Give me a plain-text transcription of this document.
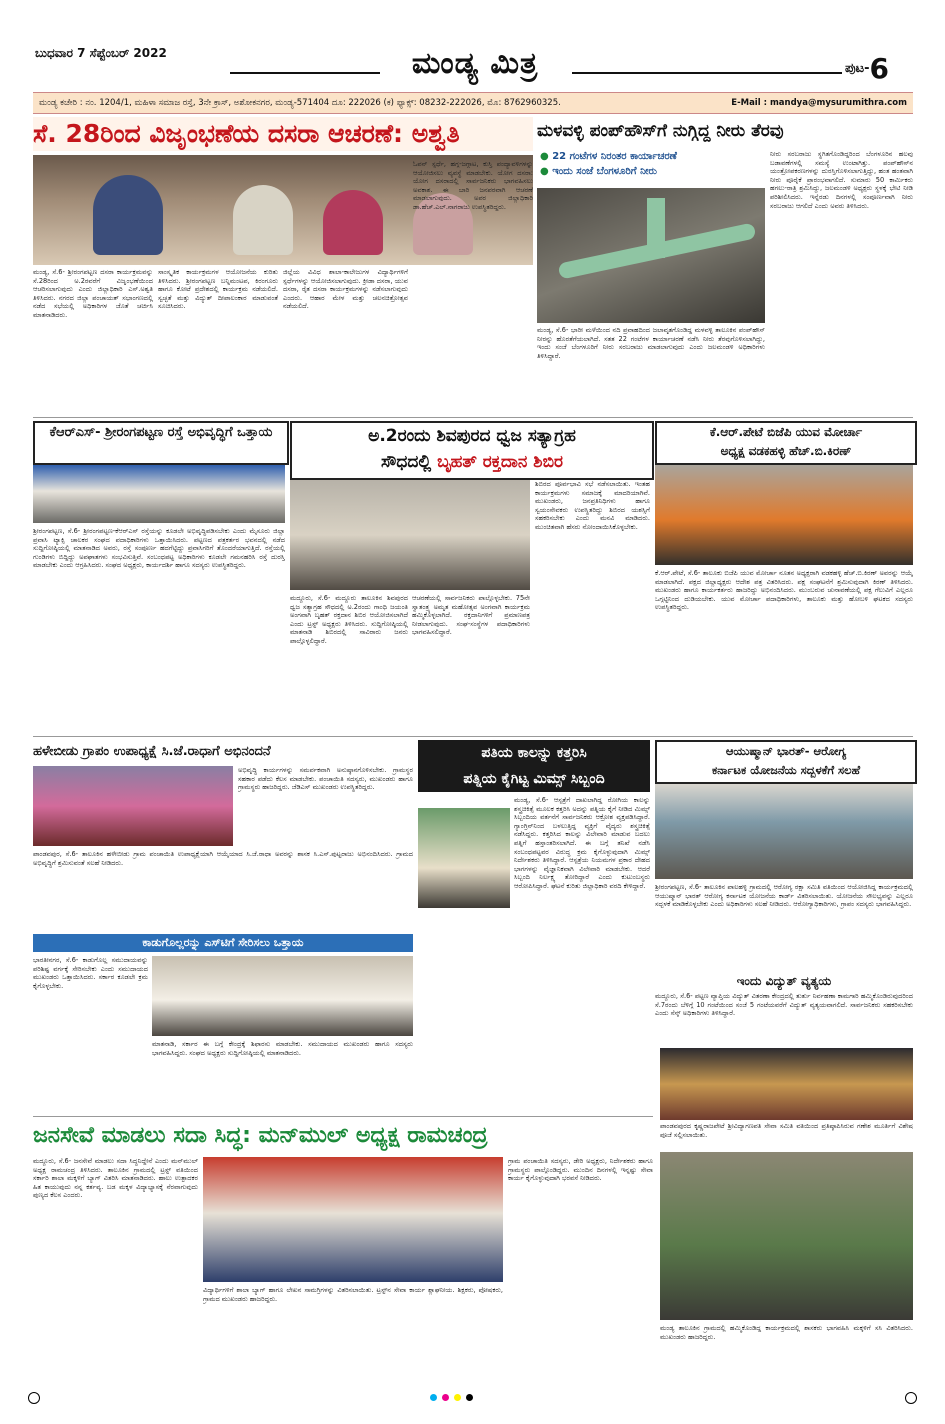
ಬುಧವಾರ 7 ಸೆಪ್ಟೆಂಬರ್ 2022	ಮಂಡ್ಯ ಮಿತ್ರ	ಪುಟ-6
ಮಂಡ್ಯ ಕಚೇರಿ : ನಂ. 1204/1, ಮಹಿಳಾ ಸಮಾಜ ರಸ್ತೆ, 3ನೇ ಕ್ರಾಸ್, ಅಶೋಕನಗರ, ಮಂಡ್ಯ-571404 ದೂ: 222026 (ಕ) ಫ್ಯಾಕ್ಸ್: 08232-222026, ಮೊ: 8762960325.	E-Mail : mandya@mysurumithra.com
ಸೆ. 28ರಿಂದ ವಿಜೃಂಭಣೆಯ ದಸರಾ ಆಚರಣೆ: ಅಶ್ವತಿ
ಮಂಡ್ಯ, ಸೆ.6- ಶ್ರೀರಂಗಪಟ್ಟಣ ದಸರಾ ಕಾರ್ಯಕ್ರಮವನ್ನು ಸೆ.28ರಿಂದ ಅ.2ರವರೆಗೆ ವಿಜೃಂಭಣೆಯಿಂದ ಆಚರಿಸಲಾಗುವುದು ಎಂದು ಜಿಲ್ಲಾಧಿಕಾರಿ ಎಸ್.ಅಶ್ವತಿ ತಿಳಿಸಿದರು. ನಗರದ ಜಿಲ್ಲಾ ಪಂಚಾಯತ್ ಸಭಾಂಗಣದಲ್ಲಿ ನಡೆದ ಸಭೆಯಲ್ಲಿ ಅಧಿಕಾರಿಗಳ ಜೊತೆ ಚರ್ಚಿಸಿ ಮಾತನಾಡಿದರು.
ಸಾಂಸ್ಕೃತಿಕ ಕಾರ್ಯಕ್ರಮಗಳ ಆಯೋಜನೆಯ ಕುರಿತು ತಿಳಿಸಿದರು. ಶ್ರೀರಂಗಪಟ್ಟಣ ಬನ್ನಿಮಂಟಪ, ಕಿರಂಗೂರು ಹಾಗೂ ಕೋಟೆ ಪ್ರದೇಶದಲ್ಲಿ ಕಾರ್ಯಕ್ರಮ ನಡೆಯಲಿದೆ. ಸ್ವಚ್ಛತೆ ಮತ್ತು ವಿದ್ಯುತ್ ದೀಪಾಲಂಕಾರ ಮಾಡುವಂತೆ ಸೂಚಿಸಿದರು.
ಜಿಲ್ಲೆಯ ವಿವಿಧ ಶಾಲಾ-ಕಾಲೇಜುಗಳ ವಿದ್ಯಾರ್ಥಿಗಳಿಗೆ ಸ್ಪರ್ಧೆಗಳನ್ನು ಆಯೋಜಿಸಲಾಗುವುದು. ಕ್ರೀಡಾ ದಸರಾ, ಯುವ ದಸರಾ, ರೈತ ದಸರಾ ಕಾರ್ಯಕ್ರಮಗಳನ್ನು ನಡೆಸಲಾಗುವುದು ಎಂದರು. ಆಹಾರ ಮೇಳ ಮತ್ತು ಚಲನಚಿತ್ರೋತ್ಸವ ನಡೆಯಲಿದೆ.
ಓಪನ್ ಸ್ಪರ್ಧೆ, ಹಗ್ಗ-ಜಗ್ಗಾಟ, ಕುಸ್ತಿ ಪಂದ್ಯಾವಳಿಗಳನ್ನು ಆಯೋಜಿಸಲು ವ್ಯವಸ್ಥೆ ಮಾಡಬೇಕು. ಯೋಗ ದಸರಾ: ಯೋಗ ದಸರಾದಲ್ಲಿ ಸಾರ್ವಜನಿಕರು ಭಾಗವಹಿಸಲು ಅವಕಾಶ. ಈ ಬಾರಿ ಜನಪರವಾಗಿ ಆಚರಣೆ ಮಾಡಲಾಗುವುದು. ಅಪರ ಜಿಲ್ಲಾಧಿಕಾರಿ ಡಾ.ಹೆಚ್.ಎಲ್.ನಾಗರಾಜು ಉಪಸ್ಥಿತರಿದ್ದರು.
ಮಳವಳ್ಳಿ ಪಂಪ್‌ಹೌಸ್‌ಗೆ ನುಗ್ಗಿದ್ದ ನೀರು ತೆರವು
● 22 ಗಂಟೆಗಳ ನಿರಂತರ ಕಾರ್ಯಾಚರಣೆ
● ಇಂದು ಸಂಜೆ ಬೆಂಗಳೂರಿಗೆ ನೀರು
ಮಂಡ್ಯ, ಸೆ.6- ಭಾರೀ ಮಳೆಯಿಂದ ನದಿ ಪ್ರವಾಹದಿಂದ ಜಲಾವೃತಗೊಂಡಿದ್ದ ಮಳವಳ್ಳಿ ತಾಲೂಕಿನ ಪಂಪ್‌ಹೌಸ್ ನೀರನ್ನು ಹೊರತೆಗೆಯಲಾಗಿದೆ. ಸತತ 22 ಗಂಟೆಗಳ ಕಾರ್ಯಾಚರಣೆ ನಡೆಸಿ ನೀರು ತೆರವುಗೊಳಿಸಲಾಗಿದ್ದು, ಇಂದು ಸಂಜೆ ಬೆಂಗಳೂರಿಗೆ ನೀರು ಸರಬರಾಜು ಮಾಡಲಾಗುವುದು ಎಂದು ಜಲಮಂಡಳಿ ಅಧಿಕಾರಿಗಳು ತಿಳಿಸಿದ್ದಾರೆ.
ನೀರು ಸರಬರಾಜು ಸ್ಥಗಿತಗೊಂಡಿದ್ದರಿಂದ ಬೆಂಗಳೂರಿನ ಹಲವು ಬಡಾವಣೆಗಳಲ್ಲಿ ಸಮಸ್ಯೆ ಉಂಟಾಗಿತ್ತು. ಪಂಪ್‌ಹೌಸ್‌ನ ಯಂತ್ರೋಪಕರಣಗಳನ್ನು ದುರಸ್ತಿಗೊಳಿಸಲಾಗುತ್ತಿದ್ದು, ಹಂತ ಹಂತವಾಗಿ ನೀರು ಪೂರೈಕೆ ಪ್ರಾರಂಭವಾಗಲಿದೆ. ಸುಮಾರು 50 ಕಾರ್ಮಿಕರು ಹಗಲು-ರಾತ್ರಿ ಶ್ರಮಿಸಿದ್ದು, ಜಲಮಂಡಳಿ ಅಧ್ಯಕ್ಷರು ಸ್ಥಳಕ್ಕೆ ಭೇಟಿ ನೀಡಿ ಪರಿಶೀಲಿಸಿದರು. ಇನ್ನೆರಡು ದಿನಗಳಲ್ಲಿ ಸಂಪೂರ್ಣವಾಗಿ ನೀರು ಸರಬರಾಜು ಆಗಲಿದೆ ಎಂದು ಅವರು ತಿಳಿಸಿದರು.
ಕೆಆರ್‌ಎಸ್- ಶ್ರೀರಂಗಪಟ್ಟಣ ರಸ್ತೆ ಅಭಿವೃದ್ಧಿಗೆ ಒತ್ತಾಯ
ಶ್ರೀರಂಗಪಟ್ಟಣ, ಸೆ.6- ಶ್ರೀರಂಗಪಟ್ಟಣ-ಕೆಆರ್‌ಎಸ್ ರಸ್ತೆಯನ್ನು ಕೂಡಲೇ ಅಭಿವೃದ್ಧಿಪಡಿಸಬೇಕು ಎಂದು ಮೈಸೂರು ಜಿಲ್ಲಾ ಪ್ರವಾಸಿ ಟ್ಯಾಕ್ಸಿ ಚಾಲಕರ ಸಂಘದ ಪದಾಧಿಕಾರಿಗಳು ಒತ್ತಾಯಿಸಿದರು. ಪಟ್ಟಣದ ಪತ್ರಕರ್ತರ ಭವನದಲ್ಲಿ ನಡೆದ ಸುದ್ದಿಗೋಷ್ಠಿಯಲ್ಲಿ ಮಾತನಾಡಿದ ಅವರು, ರಸ್ತೆ ಸಂಪೂರ್ಣ ಹದಗೆಟ್ಟಿದ್ದು ಪ್ರವಾಸಿಗರಿಗೆ ತೊಂದರೆಯಾಗುತ್ತಿದೆ. ರಸ್ತೆಯಲ್ಲಿ ಗುಂಡಿಗಳು ಬಿದ್ದಿದ್ದು ಅಪಘಾತಗಳು ಸಂಭವಿಸುತ್ತಿವೆ. ಸಂಬಂಧಪಟ್ಟ ಅಧಿಕಾರಿಗಳು ಕೂಡಲೇ ಗಮನಹರಿಸಿ ರಸ್ತೆ ದುರಸ್ತಿ ಮಾಡಬೇಕು ಎಂದು ಆಗ್ರಹಿಸಿದರು. ಸಂಘದ ಅಧ್ಯಕ್ಷರು, ಕಾರ್ಯದರ್ಶಿ ಹಾಗೂ ಸದಸ್ಯರು ಉಪಸ್ಥಿತರಿದ್ದರು.
ಅ.2ರಂದು ಶಿವಪುರದ ಧ್ವಜ ಸತ್ಯಾಗ್ರಹ
ಸೌಧದಲ್ಲಿ ಬೃಹತ್ ರಕ್ತದಾನ ಶಿಬಿರ
ಶಿಬಿರದ ಪೂರ್ವಭಾವಿ ಸಭೆ ನಡೆಸಲಾಯಿತು. ಇಂತಹ ಕಾರ್ಯಕ್ರಮಗಳು ಸಮಾಜಕ್ಕೆ ಮಾದರಿಯಾಗಿವೆ. ಮುಖಂಡರು, ಜನಪ್ರತಿನಿಧಿಗಳು ಹಾಗೂ ಸ್ವಯಂಸೇವಕರು ಉಪಸ್ಥಿತರಿದ್ದು ಶಿಬಿರದ ಯಶಸ್ಸಿಗೆ ಸಹಕರಿಸಬೇಕು ಎಂದು ಮನವಿ ಮಾಡಿದರು. ಮುಂಚಿತವಾಗಿ ಹೆಸರು ನೋಂದಾಯಿಸಿಕೊಳ್ಳಬೇಕು.
ಮದ್ದೂರು, ಸೆ.6- ಮದ್ದೂರು ತಾಲೂಕಿನ ಶಿವಪುರದ ಧ್ವಜ ಸತ್ಯಾಗ್ರಹ ಸೌಧದಲ್ಲಿ ಅ.2ರಂದು ಗಾಂಧಿ ಜಯಂತಿ ಅಂಗವಾಗಿ ಬೃಹತ್ ರಕ್ತದಾನ ಶಿಬಿರ ಆಯೋಜಿಸಲಾಗಿದೆ ಎಂದು ಟ್ರಸ್ಟ್ ಅಧ್ಯಕ್ಷರು ತಿಳಿಸಿದರು. ಸುದ್ದಿಗೋಷ್ಠಿಯಲ್ಲಿ ಮಾತನಾಡಿ ಶಿಬಿರದಲ್ಲಿ ಸಾವಿರಾರು ಜನರು ಪಾಲ್ಗೊಳ್ಳಲಿದ್ದಾರೆ.
ಆಚರಣೆಯಲ್ಲಿ ಸಾರ್ವಜನಿಕರು ಪಾಲ್ಗೊಳ್ಳಬೇಕು. 75ನೇ ಸ್ವಾತಂತ್ರ್ಯ ಅಮೃತ ಮಹೋತ್ಸವ ಅಂಗವಾಗಿ ಕಾರ್ಯಕ್ರಮ ಹಮ್ಮಿಕೊಳ್ಳಲಾಗಿದೆ. ರಕ್ತದಾನಿಗಳಿಗೆ ಪ್ರಮಾಣಪತ್ರ ನೀಡಲಾಗುವುದು. ಸಂಘ-ಸಂಸ್ಥೆಗಳ ಪದಾಧಿಕಾರಿಗಳು ಭಾಗವಹಿಸಲಿದ್ದಾರೆ.
ಕೆ.ಆರ್.ಪೇಟೆ ಬಿಜೆಪಿ ಯುವ ಮೋರ್ಚಾ
ಅಧ್ಯಕ್ಷ ವಡಕಹಳ್ಳಿ ಹೆಚ್.ಬಿ.ಕಿರಣ್
ಕೆ.ಆರ್.ಪೇಟೆ, ಸೆ.6- ತಾಲೂಕು ಬಿಜೆಪಿ ಯುವ ಮೋರ್ಚಾ ನೂತನ ಅಧ್ಯಕ್ಷರಾಗಿ ವಡಕಹಳ್ಳಿ ಹೆಚ್.ಬಿ.ಕಿರಣ್ ಅವರನ್ನು ಆಯ್ಕೆ ಮಾಡಲಾಗಿದೆ. ಪಕ್ಷದ ಜಿಲ್ಲಾಧ್ಯಕ್ಷರು ಆದೇಶ ಪತ್ರ ವಿತರಿಸಿದರು. ಪಕ್ಷ ಸಂಘಟನೆಗೆ ಶ್ರಮಿಸುವುದಾಗಿ ಕಿರಣ್ ತಿಳಿಸಿದರು. ಮುಖಂಡರು ಹಾಗೂ ಕಾರ್ಯಕರ್ತರು ಹಾಜರಿದ್ದು ಅಭಿನಂದಿಸಿದರು. ಮುಂಬರುವ ಚುನಾವಣೆಯಲ್ಲಿ ಪಕ್ಷ ಗೆಲುವಿಗೆ ಎಲ್ಲರೂ ಒಗ್ಗಟ್ಟಿನಿಂದ ದುಡಿಯಬೇಕು. ಯುವ ಮೋರ್ಚಾ ಪದಾಧಿಕಾರಿಗಳು, ತಾಲೂಕು ಮತ್ತು ಹೋಬಳಿ ಘಟಕದ ಸದಸ್ಯರು ಉಪಸ್ಥಿತರಿದ್ದರು.
ಹಳೇಬೀಡು ಗ್ರಾಪಂ ಉಪಾಧ್ಯಕ್ಷೆ ಸಿ.ಜೆ.ರಾಧಾಗೆ ಅಭಿನಂದನೆ
ಅಭಿವೃದ್ಧಿ ಕಾರ್ಯಗಳನ್ನು ಸಮರ್ಪಕವಾಗಿ ಅನುಷ್ಠಾನಗೊಳಿಸಬೇಕು. ಗ್ರಾಮಸ್ಥರ ಸಹಕಾರ ಪಡೆದು ಕೆಲಸ ಮಾಡಬೇಕು. ಪಂಚಾಯಿತಿ ಸದಸ್ಯರು, ಮುಖಂಡರು ಹಾಗೂ ಗ್ರಾಮಸ್ಥರು ಹಾಜರಿದ್ದರು. ಜೆಡಿಎಸ್ ಮುಖಂಡರು ಉಪಸ್ಥಿತರಿದ್ದರು.
ಪಾಂಡವಪುರ, ಸೆ.6- ತಾಲೂಕಿನ ಹಳೇಬೀಡು ಗ್ರಾಮ ಪಂಚಾಯಿತಿ ಉಪಾಧ್ಯಕ್ಷೆಯಾಗಿ ಆಯ್ಕೆಯಾದ ಸಿ.ಜೆ.ರಾಧಾ ಅವರನ್ನು ಶಾಸಕ ಸಿ.ಎಸ್.ಪುಟ್ಟರಾಜು ಅಭಿನಂದಿಸಿದರು. ಗ್ರಾಮದ ಅಭಿವೃದ್ಧಿಗೆ ಶ್ರಮಿಸುವಂತೆ ಸಲಹೆ ನೀಡಿದರು.
ಕಾಡುಗೊಲ್ಲರನ್ನು ಎಸ್‌ಟಿಗೆ ಸೇರಿಸಲು ಒತ್ತಾಯ
ಭಾರತೀನಗರ, ಸೆ.6- ಕಾಡುಗೊಲ್ಲ ಸಮುದಾಯವನ್ನು ಪರಿಶಿಷ್ಟ ವರ್ಗಕ್ಕೆ ಸೇರಿಸಬೇಕು ಎಂದು ಸಮುದಾಯದ ಮುಖಂಡರು ಒತ್ತಾಯಿಸಿದರು. ಸರ್ಕಾರ ಕೂಡಲೇ ಕ್ರಮ ಕೈಗೊಳ್ಳಬೇಕು.
ಮಾತನಾಡಿ, ಸರ್ಕಾರ ಈ ಬಗ್ಗೆ ಕೇಂದ್ರಕ್ಕೆ ಶಿಫಾರಸು ಮಾಡಬೇಕು. ಸಮುದಾಯದ ಮುಖಂಡರು ಹಾಗೂ ಸದಸ್ಯರು ಭಾಗವಹಿಸಿದ್ದರು. ಸಂಘದ ಅಧ್ಯಕ್ಷರು ಸುದ್ದಿಗೋಷ್ಠಿಯಲ್ಲಿ ಮಾತನಾಡಿದರು.
ಪತಿಯ ಕಾಲನ್ನು ಕತ್ತರಿಸಿ
ಪತ್ನಿಯ ಕೈಗಿಟ್ಟ ಮಿಮ್ಸ್ ಸಿಬ್ಬಂದಿ
ಮಂಡ್ಯ, ಸೆ.6- ಆಸ್ಪತ್ರೆಗೆ ದಾಖಲಾಗಿದ್ದ ರೋಗಿಯ ಕಾಲನ್ನು ಶಸ್ತ್ರಚಿಕಿತ್ಸೆ ಮೂಲಕ ಕತ್ತರಿಸಿ ಅದನ್ನು ಪತ್ನಿಯ ಕೈಗೆ ನೀಡಿದ ಮಿಮ್ಸ್ ಸಿಬ್ಬಂದಿಯ ವರ್ತನೆಗೆ ಸಾರ್ವಜನಿಕರು ಆಕ್ರೋಶ ವ್ಯಕ್ತಪಡಿಸಿದ್ದಾರೆ. ಗ್ಯಾಂಗ್ರಿನ್‌ನಿಂದ ಬಳಲುತ್ತಿದ್ದ ವ್ಯಕ್ತಿಗೆ ವೈದ್ಯರು ಶಸ್ತ್ರಚಿಕಿತ್ಸೆ ನಡೆಸಿದ್ದರು. ಕತ್ತರಿಸಿದ ಕಾಲನ್ನು ವಿಲೇವಾರಿ ಮಾಡುವ ಬದಲು ಪತ್ನಿಗೆ ಹಸ್ತಾಂತರಿಸಲಾಗಿದೆ. ಈ ಬಗ್ಗೆ ತನಿಖೆ ನಡೆಸಿ ಸಂಬಂಧಪಟ್ಟವರ ವಿರುದ್ಧ ಕ್ರಮ ಕೈಗೊಳ್ಳುವುದಾಗಿ ಮಿಮ್ಸ್ ನಿರ್ದೇಶಕರು ತಿಳಿಸಿದ್ದಾರೆ. ಆಸ್ಪತ್ರೆಯ ನಿಯಮಗಳ ಪ್ರಕಾರ ದೇಹದ ಭಾಗಗಳನ್ನು ವೈಜ್ಞಾನಿಕವಾಗಿ ವಿಲೇವಾರಿ ಮಾಡಬೇಕು. ಆದರೆ ಸಿಬ್ಬಂದಿ ನಿರ್ಲಕ್ಷ್ಯ ತೋರಿದ್ದಾರೆ ಎಂದು ಕುಟುಂಬಸ್ಥರು ಆರೋಪಿಸಿದ್ದಾರೆ. ಘಟನೆ ಕುರಿತು ಜಿಲ್ಲಾಧಿಕಾರಿ ವರದಿ ಕೇಳಿದ್ದಾರೆ.
ಆಯುಷ್ಮಾನ್ ಭಾರತ್- ಆರೋಗ್ಯ
ಕರ್ನಾಟಕ ಯೋಜನೆಯ ಸದ್ಬಳಕೆಗೆ ಸಲಹೆ
ಶ್ರೀರಂಗಪಟ್ಟಣ, ಸೆ.6- ತಾಲೂಕಿನ ಪಾಲಹಳ್ಳಿ ಗ್ರಾಮದಲ್ಲಿ ಆರೋಗ್ಯ ರಕ್ಷಾ ಸಮಿತಿ ವತಿಯಿಂದ ಆಯೋಜಿಸಿದ್ದ ಕಾರ್ಯಕ್ರಮದಲ್ಲಿ ಆಯುಷ್ಮಾನ್ ಭಾರತ್ ಆರೋಗ್ಯ ಕರ್ನಾಟಕ ಯೋಜನೆಯ ಕಾರ್ಡ್ ವಿತರಿಸಲಾಯಿತು. ಯೋಜನೆಯ ಸೌಲಭ್ಯವನ್ನು ಎಲ್ಲರೂ ಸದ್ಬಳಕೆ ಮಾಡಿಕೊಳ್ಳಬೇಕು ಎಂದು ಅಧಿಕಾರಿಗಳು ಸಲಹೆ ನೀಡಿದರು. ಆರೋಗ್ಯಾಧಿಕಾರಿಗಳು, ಗ್ರಾಪಂ ಸದಸ್ಯರು ಭಾಗವಹಿಸಿದ್ದರು.
ಇಂದು ವಿದ್ಯುತ್ ವ್ಯತ್ಯಯ
ಮದ್ದೂರು, ಸೆ.6- ಪಟ್ಟಣ ವ್ಯಾಪ್ತಿಯ ವಿದ್ಯುತ್ ವಿತರಣಾ ಕೇಂದ್ರದಲ್ಲಿ ತುರ್ತು ನಿರ್ವಹಣಾ ಕಾಮಗಾರಿ ಹಮ್ಮಿಕೊಂಡಿರುವುದರಿಂದ ಸೆ.7ರಂದು ಬೆಳಿಗ್ಗೆ 10 ಗಂಟೆಯಿಂದ ಸಂಜೆ 5 ಗಂಟೆಯವರೆಗೆ ವಿದ್ಯುತ್ ವ್ಯತ್ಯಯವಾಗಲಿದೆ. ಸಾರ್ವಜನಿಕರು ಸಹಕರಿಸಬೇಕು ಎಂದು ಸೆಸ್ಕ್ ಅಧಿಕಾರಿಗಳು ತಿಳಿಸಿದ್ದಾರೆ.
ಪಾಂಡವಪುರದ ಕೃಷ್ಣರಾಜಪೇಟೆ ಶ್ರೀವಿದ್ಯಾಗಣಪತಿ ಸೇವಾ ಸಮಿತಿ ವತಿಯಿಂದ ಪ್ರತಿಷ್ಠಾಪಿಸಿರುವ ಗಣೇಶ ಮೂರ್ತಿಗೆ ವಿಶೇಷ ಪೂಜೆ ಸಲ್ಲಿಸಲಾಯಿತು.
ಜನಸೇವೆ ಮಾಡಲು ಸದಾ ಸಿದ್ಧ: ಮನ್‌ಮುಲ್ ಅಧ್ಯಕ್ಷ ರಾಮಚಂದ್ರ
ಮದ್ದೂರು, ಸೆ.6- ಜನಸೇವೆ ಮಾಡಲು ಸದಾ ಸಿದ್ಧನಿದ್ದೇನೆ ಎಂದು ಮನ್‌ಮುಲ್ ಅಧ್ಯಕ್ಷ ರಾಮಚಂದ್ರ ತಿಳಿಸಿದರು. ತಾಲೂಕಿನ ಗ್ರಾಮದಲ್ಲಿ ಟ್ರಸ್ಟ್ ವತಿಯಿಂದ ಸರ್ಕಾರಿ ಶಾಲಾ ಮಕ್ಕಳಿಗೆ ಬ್ಯಾಗ್ ವಿತರಿಸಿ ಮಾತನಾಡಿದರು. ಹಾಲು ಉತ್ಪಾದಕರ ಹಿತ ಕಾಯುವುದು ನನ್ನ ಕರ್ತವ್ಯ. ಬಡ ಮಕ್ಕಳ ವಿದ್ಯಾಭ್ಯಾಸಕ್ಕೆ ನೆರವಾಗುವುದು ಪುಣ್ಯದ ಕೆಲಸ ಎಂದರು.
ವಿದ್ಯಾರ್ಥಿಗಳಿಗೆ ಶಾಲಾ ಬ್ಯಾಗ್ ಹಾಗೂ ಲೇಖನ ಸಾಮಗ್ರಿಗಳನ್ನು ವಿತರಿಸಲಾಯಿತು. ಟ್ರಸ್ಟ್‌ನ ಸೇವಾ ಕಾರ್ಯ ಶ್ಲಾಘನೀಯ. ಶಿಕ್ಷಕರು, ಪೋಷಕರು, ಗ್ರಾಮದ ಮುಖಂಡರು ಹಾಜರಿದ್ದರು.
ಗ್ರಾಮ ಪಂಚಾಯಿತಿ ಸದಸ್ಯರು, ಡೇರಿ ಅಧ್ಯಕ್ಷರು, ನಿರ್ದೇಶಕರು ಹಾಗೂ ಗ್ರಾಮಸ್ಥರು ಪಾಲ್ಗೊಂಡಿದ್ದರು. ಮುಂದಿನ ದಿನಗಳಲ್ಲಿ ಇನ್ನಷ್ಟು ಸೇವಾ ಕಾರ್ಯ ಕೈಗೊಳ್ಳುವುದಾಗಿ ಭರವಸೆ ನೀಡಿದರು.
ಮಂಡ್ಯ ತಾಲೂಕಿನ ಗ್ರಾಮದಲ್ಲಿ ಹಮ್ಮಿಕೊಂಡಿದ್ದ ಕಾರ್ಯಕ್ರಮದಲ್ಲಿ ಶಾಸಕರು ಭಾಗವಹಿಸಿ ಮಕ್ಕಳಿಗೆ ಸಸಿ ವಿತರಿಸಿದರು. ಮುಖಂಡರು ಹಾಜರಿದ್ದರು.
